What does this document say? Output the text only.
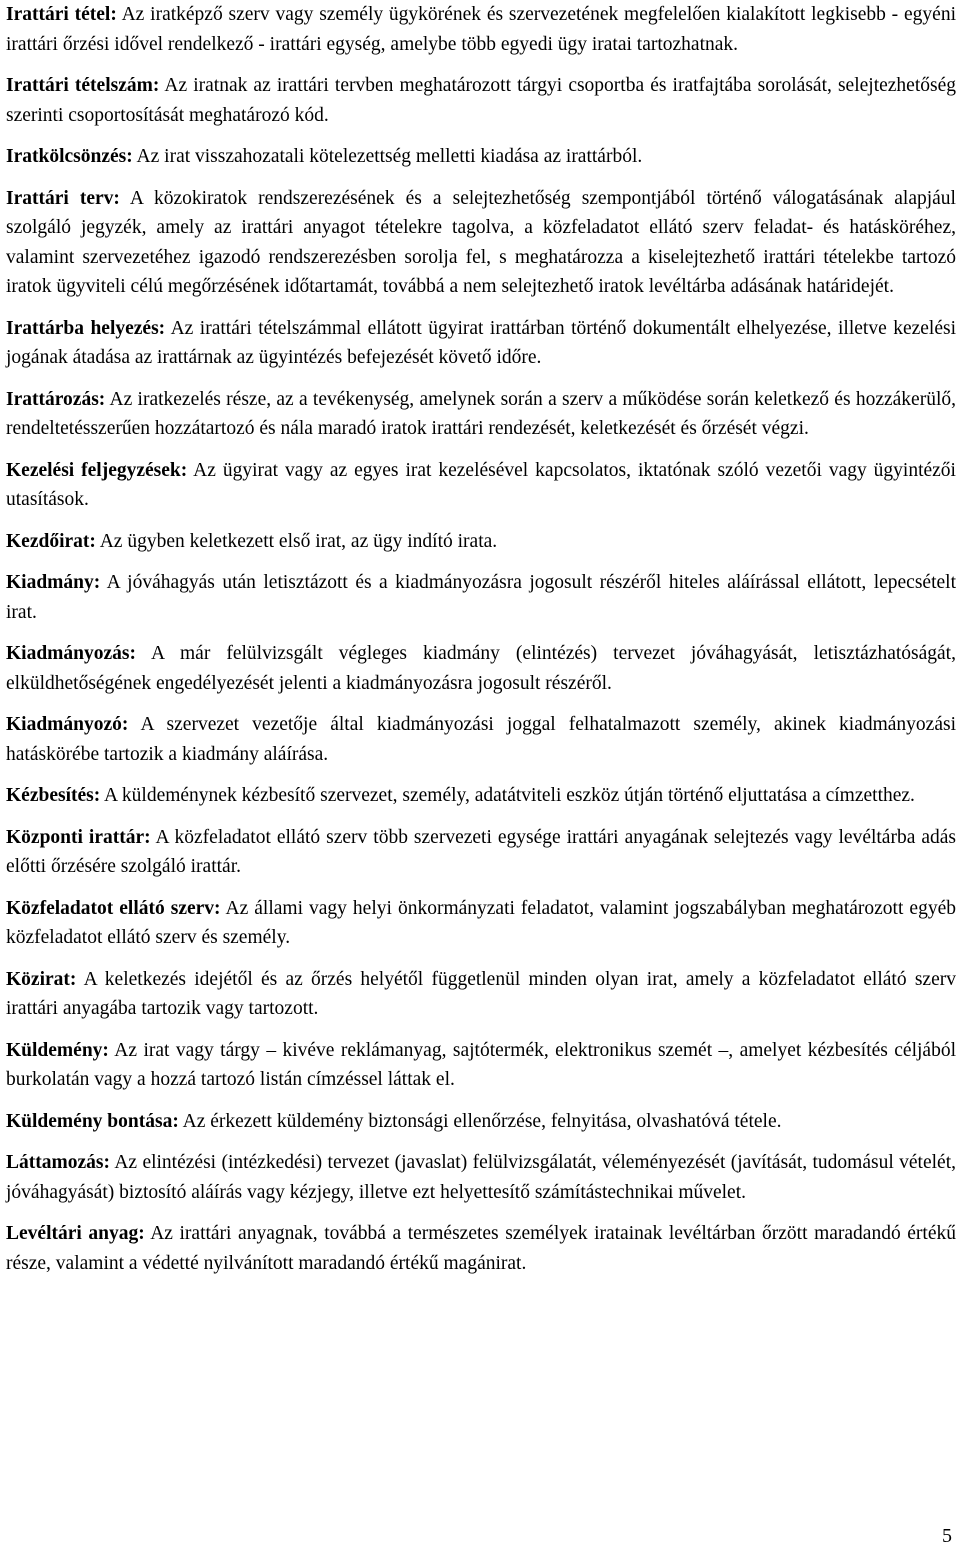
Irattári tétel: Az iratképző szerv vagy személy ügykörének és szervezetének megfelelően kialakított legkisebb - egyéni irattári őrzési idővel rendelkező - irattári egység, amelybe több egyedi ügy iratai tartozhatnak.

Irattári tételszám: Az iratnak az irattári tervben meghatározott tárgyi csoportba és iratfajtába sorolását, selejtezhetőség szerinti csoportosítását meghatározó kód.

Iratkölcsönzés: Az irat visszahozatali kötelezettség melletti kiadása az irattárból.

Irattári terv: A közokiratok rendszerezésének és a selejtezhetőség szempontjából történő válogatásának alapjául szolgáló jegyzék, amely az irattári anyagot tételekre tagolva, a közfeladatot ellátó szerv feladat- és hatásköréhez, valamint szervezetéhez igazodó rendszerezésben sorolja fel, s meghatározza a kiselejtezhető irattári tételekbe tartozó iratok ügyviteli célú megőrzésének időtartamát, továbbá a nem selejtezhető iratok levéltárba adásának határidejét.

Irattárba helyezés: Az irattári tételszámmal ellátott ügyirat irattárban történő dokumentált elhelyezése, illetve kezelési jogának átadása az irattárnak az ügyintézés befejezését követő időre.

Irattározás: Az iratkezelés része, az a tevékenység, amelynek során a szerv a működése során keletkező és hozzákerülő, rendeltetésszerűen hozzátartozó és nála maradó iratok irattári rendezését, keletkezését és őrzését végzi.

Kezelési feljegyzések: Az ügyirat vagy az egyes irat kezelésével kapcsolatos, iktatónak szóló vezetői vagy ügyintézői utasítások.

Kezdőirat: Az ügyben keletkezett első irat, az ügy indító irata.

Kiadmány: A jóváhagyás után letisztázott és a kiadmányozásra jogosult részéről hiteles aláírással ellátott, lepecsételt irat.

Kiadmányozás: A már felülvizsgált végleges kiadmány (elintézés) tervezet jóváhagyását, letisztázhatóságát, elküldhetőségének engedélyezését jelenti a kiadmányozásra jogosult részéről.

Kiadmányozó: A szervezet vezetője által kiadmányozási joggal felhatalmazott személy, akinek kiadmányozási hatáskörébe tartozik a kiadmány aláírása.

Kézbesítés: A küldeménynek kézbesítő szervezet, személy, adatátviteli eszköz útján történő eljuttatása a címzetthez.

Központi irattár: A közfeladatot ellátó szerv több szervezeti egysége irattári anyagának selejtezés vagy levéltárba adás előtti őrzésére szolgáló irattár.

Közfeladatot ellátó szerv: Az állami vagy helyi önkormányzati feladatot, valamint jogszabályban meghatározott egyéb közfeladatot ellátó szerv és személy.

Közirat: A keletkezés idejétől és az őrzés helyétől függetlenül minden olyan irat, amely a közfeladatot ellátó szerv irattári anyagába tartozik vagy tartozott.

Küldemény: Az irat vagy tárgy – kivéve reklámanyag, sajtótermék, elektronikus szemét –, amelyet kézbesítés céljából burkolatán vagy a hozzá tartozó listán címzéssel láttak el.

Küldemény bontása: Az érkezett küldemény biztonsági ellenőrzése, felnyitása, olvashatóvá tétele.

Láttamozás: Az elintézési (intézkedési) tervezet (javaslat) felülvizsgálatát, véleményezését (javítását, tudomásul vételét, jóváhagyását) biztosító aláírás vagy kézjegy, illetve ezt helyettesítő számítástechnikai művelet.

Levéltári anyag: Az irattári anyagnak, továbbá a természetes személyek iratainak levéltárban őrzött maradandó értékű része, valamint a védetté nyilvánított maradandó értékű magánirat.

5
